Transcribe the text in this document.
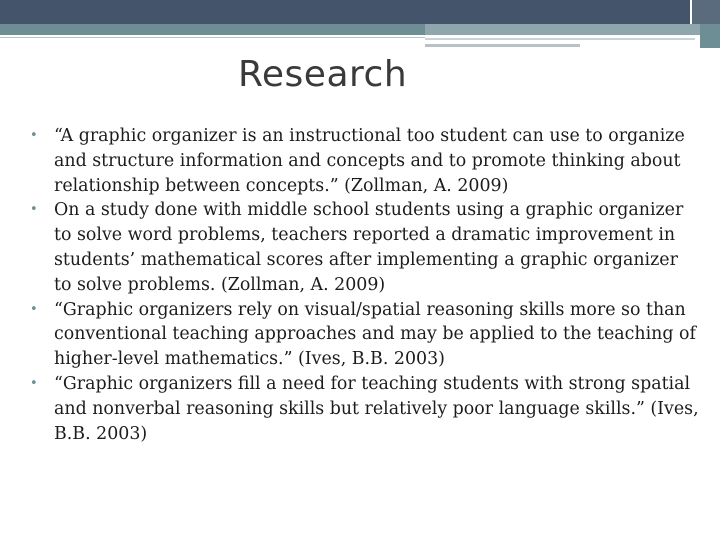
Research
• “A graphic organizer is an instructional too student can use to organize and structure information and concepts and to promote thinking about relationship between concepts.” (Zollman, A. 2009)
• On a study done with middle school students using a graphic organizer to solve word problems, teachers reported a dramatic improvement in students’ mathematical scores after implementing a graphic organizer to solve problems. (Zollman, A. 2009)
• “Graphic organizers rely on visual/spatial reasoning skills more so than conventional teaching approaches and may be applied to the teaching of higher-level mathematics.” (Ives, B.B. 2003)
• “Graphic organizers fill a need for teaching students with strong spatial and nonverbal reasoning skills but relatively poor language skills.” (Ives, B.B. 2003)
